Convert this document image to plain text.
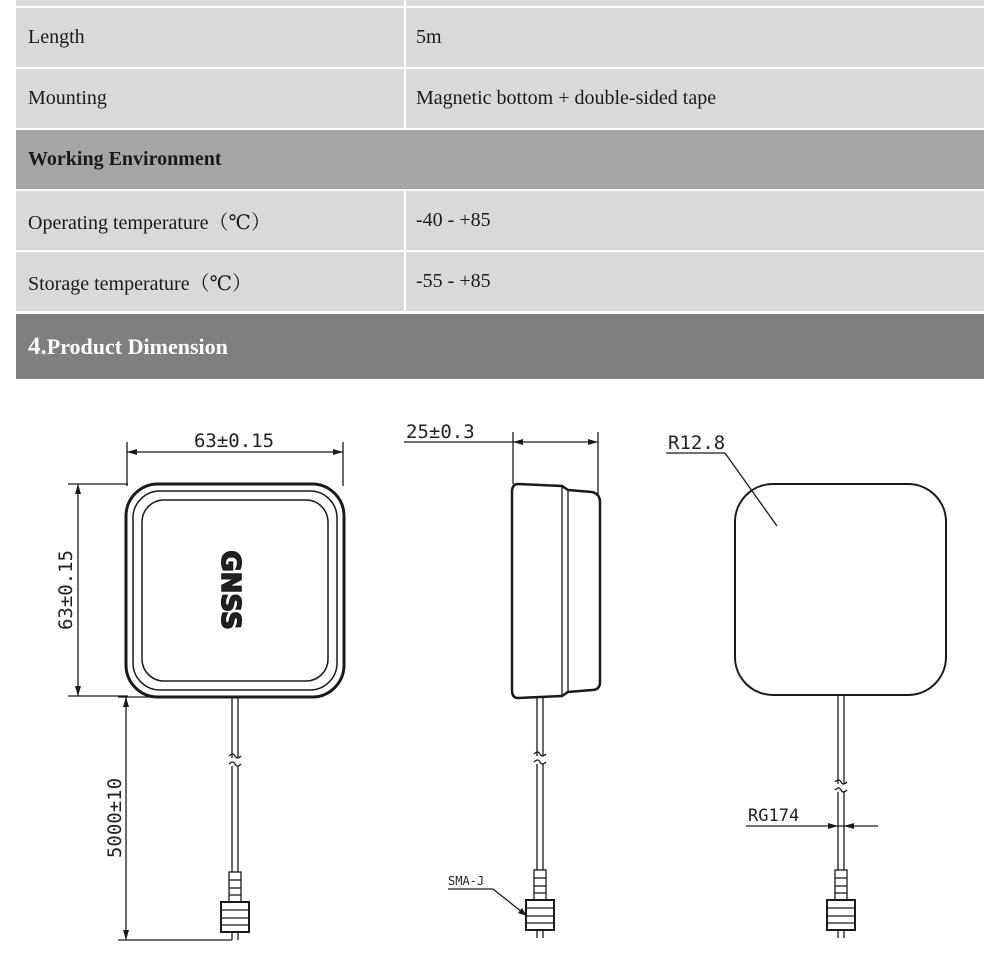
Length	5m
Mounting	Magnetic bottom + double-sided tape
Working Environment
Operating temperature（℃）	-40 - +85
Storage temperature（℃）	-55 - +85
4. Product Dimension
63±0.15
63±0.15
5000±10
GNSS
25±0.3
SMA-J
R12.8
RG174
